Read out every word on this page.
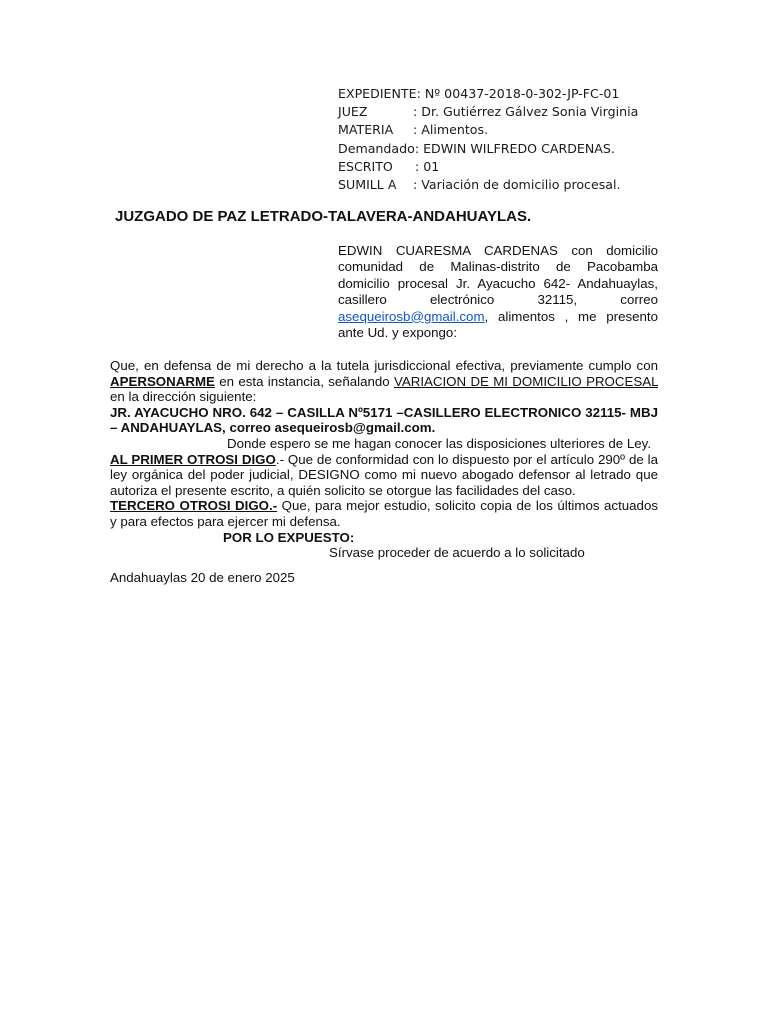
EXPEDIENTE: Nº 00437-2018-0-302-JP-FC-01
JUEZ	: Dr. Gutiérrez Gálvez Sonia Virginia
MATERIA	: Alimentos.
Demandado: EDWIN WILFREDO CARDENAS.
ESCRITO	: 01
SUMILL A	: Variación de domicilio procesal.
JUZGADO DE PAZ LETRADO-TALAVERA-ANDAHUAYLAS.
EDWIN CUARESMA CARDENAS con domicilio comunidad de Malinas-distrito de Pacobamba domicilio procesal Jr. Ayacucho 642- Andahuaylas, casillero electrónico 32115, correo asequeirosb@gmail.com, alimentos , me presento ante Ud. y expongo:

Que, en defensa de mi derecho a la tutela jurisdiccional efectiva, previamente cumplo con APERSONARME en esta instancia, señalando VARIACION DE MI DOMICILIO PROCESAL en la dirección siguiente:

JR. AYACUCHO NRO. 642 – CASILLA Nº5171 –CASILLERO ELECTRONICO 32115- MBJ – ANDAHUAYLAS, correo asequeirosb@gmail.com.

Donde espero se me hagan conocer las disposiciones ulteriores de Ley.

AL PRIMER OTROSI DIGO.- Que de conformidad con lo dispuesto por el artículo 290º de la ley orgánica del poder judicial, DESIGNO como mi nuevo abogado defensor al letrado que autoriza el presente escrito, a quién solicito se otorgue las facilidades del caso.

TERCERO OTROSI DIGO.- Que, para mejor estudio, solicito copia de los últimos actuados y para efectos para ejercer mi defensa.

POR LO EXPUESTO:

Sírvase proceder de acuerdo a lo solicitado

Andahuaylas 20 de enero 2025
